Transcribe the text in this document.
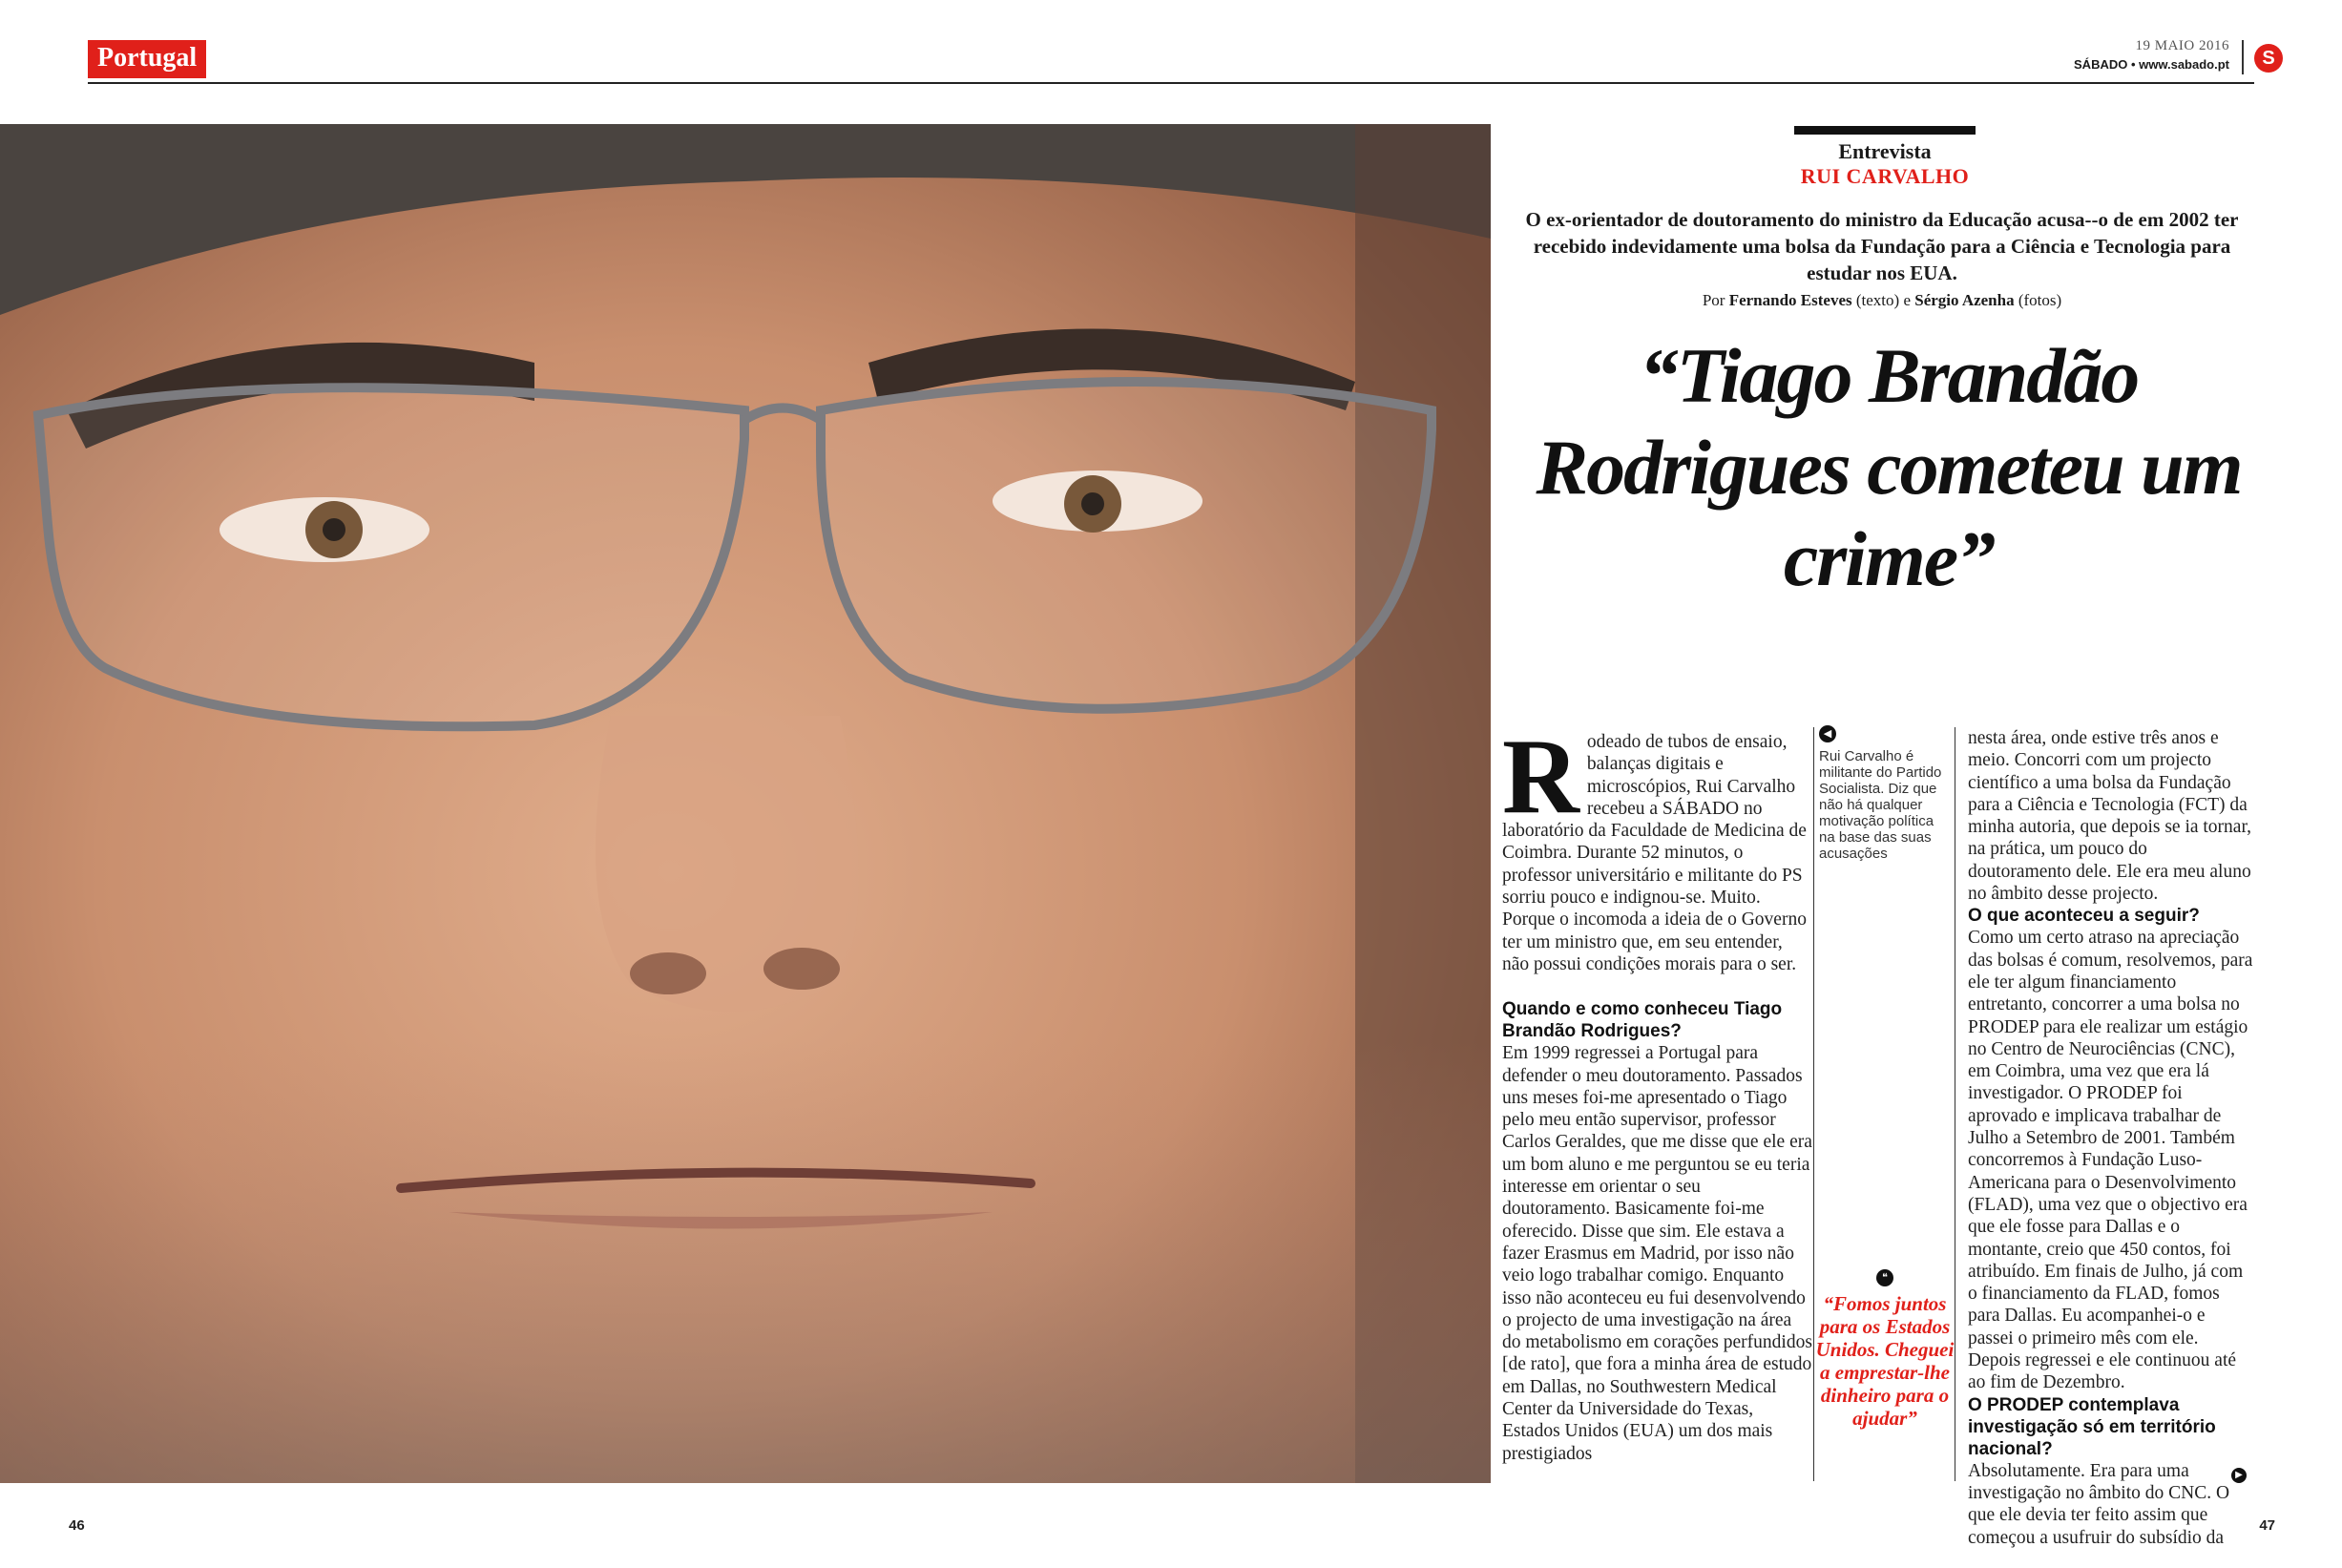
Portugal	19 MAIO 2016
SÁBADO • www.sabado.pt	S
Entrevista
RUI CARVALHO
O ex-orientador de doutoramento do ministro da Educação acusa-‑o de em 2002 ter recebido indevidamente uma bolsa da Fundação para a Ciência e Tecnologia para estudar nos EUA.
Por Fernando Esteves (texto) e Sérgio Azenha (fotos)
“Tiago Brandão Rodrigues cometeu um crime”
R odeado de tubos de ensaio, balanças digitais e microscópios, Rui Carvalho recebeu a SÁBADO no laboratório da Faculdade de Medicina de Coimbra. Durante 52 minutos, o professor universitário e militante do PS sorriu pouco e indignou-se. Muito. Porque o incomoda a ideia de o Governo ter um ministro que, em seu entender, não possui condições morais para o ser.

Quando e como conheceu Tiago Brandão Rodrigues?

Em 1999 regressei a Portugal para defender o meu doutoramento. Passados uns meses foi-me apresentado o Tiago pelo meu então supervisor, professor Carlos Geraldes, que me disse que ele era um bom aluno e me perguntou se eu teria interesse em orientar o seu doutoramento. Basicamente foi-me oferecido. Disse que sim. Ele estava a fazer Erasmus em Madrid, por isso não veio logo trabalhar comigo. Enquanto isso não aconteceu eu fui desenvolvendo o projecto de uma investigação na área do metabolismo em corações perfundidos [de rato], que fora a minha área de estudo em Dallas, no Southwestern Medical Center da Universidade do Texas, Estados Unidos (EUA) um dos mais prestigiados

◀

Rui Carvalho é militante do Partido Socialista. Diz que não há qualquer motivação política na base das suas acusações

❝
“Fomos juntos para os Estados Unidos. Cheguei a emprestar-lhe dinheiro para o ajudar”

nesta área, onde estive três anos e meio. Concorri com um projecto científico a uma bolsa da Fundação para a Ciência e Tecnologia (FCT) da minha autoria, que depois se ia tornar, na prática, um pouco do doutoramento dele. Ele era meu aluno no âmbito desse projecto.

O que aconteceu a seguir?

Como um certo atraso na apreciação das bolsas é comum, resolvemos, para ele ter algum financiamento entretanto, concorrer a uma bolsa no PRODEP para ele realizar um estágio no Centro de Neurociências (CNC), em Coimbra, uma vez que era lá investigador. O PRODEP foi aprovado e implicava trabalhar de Julho a Setembro de 2001. Também concorremos à Fundação Luso-Americana para o Desenvolvimento (FLAD), uma vez que o objectivo era que ele fosse para Dallas e o montante, creio que 450 contos, foi atribuído. Em finais de Julho, já com o financiamento da FLAD, fomos para Dallas. Eu acompanhei-o e passei o primeiro mês com ele. Depois regressei e ele continuou até ao fim de Dezembro.

O PRODEP contemplava investigação só em território nacional?

Absolutamente. Era para uma investigação no âmbito do CNC. O que ele devia ter feito assim que começou a usufruir do subsídio da

▶
46	47
